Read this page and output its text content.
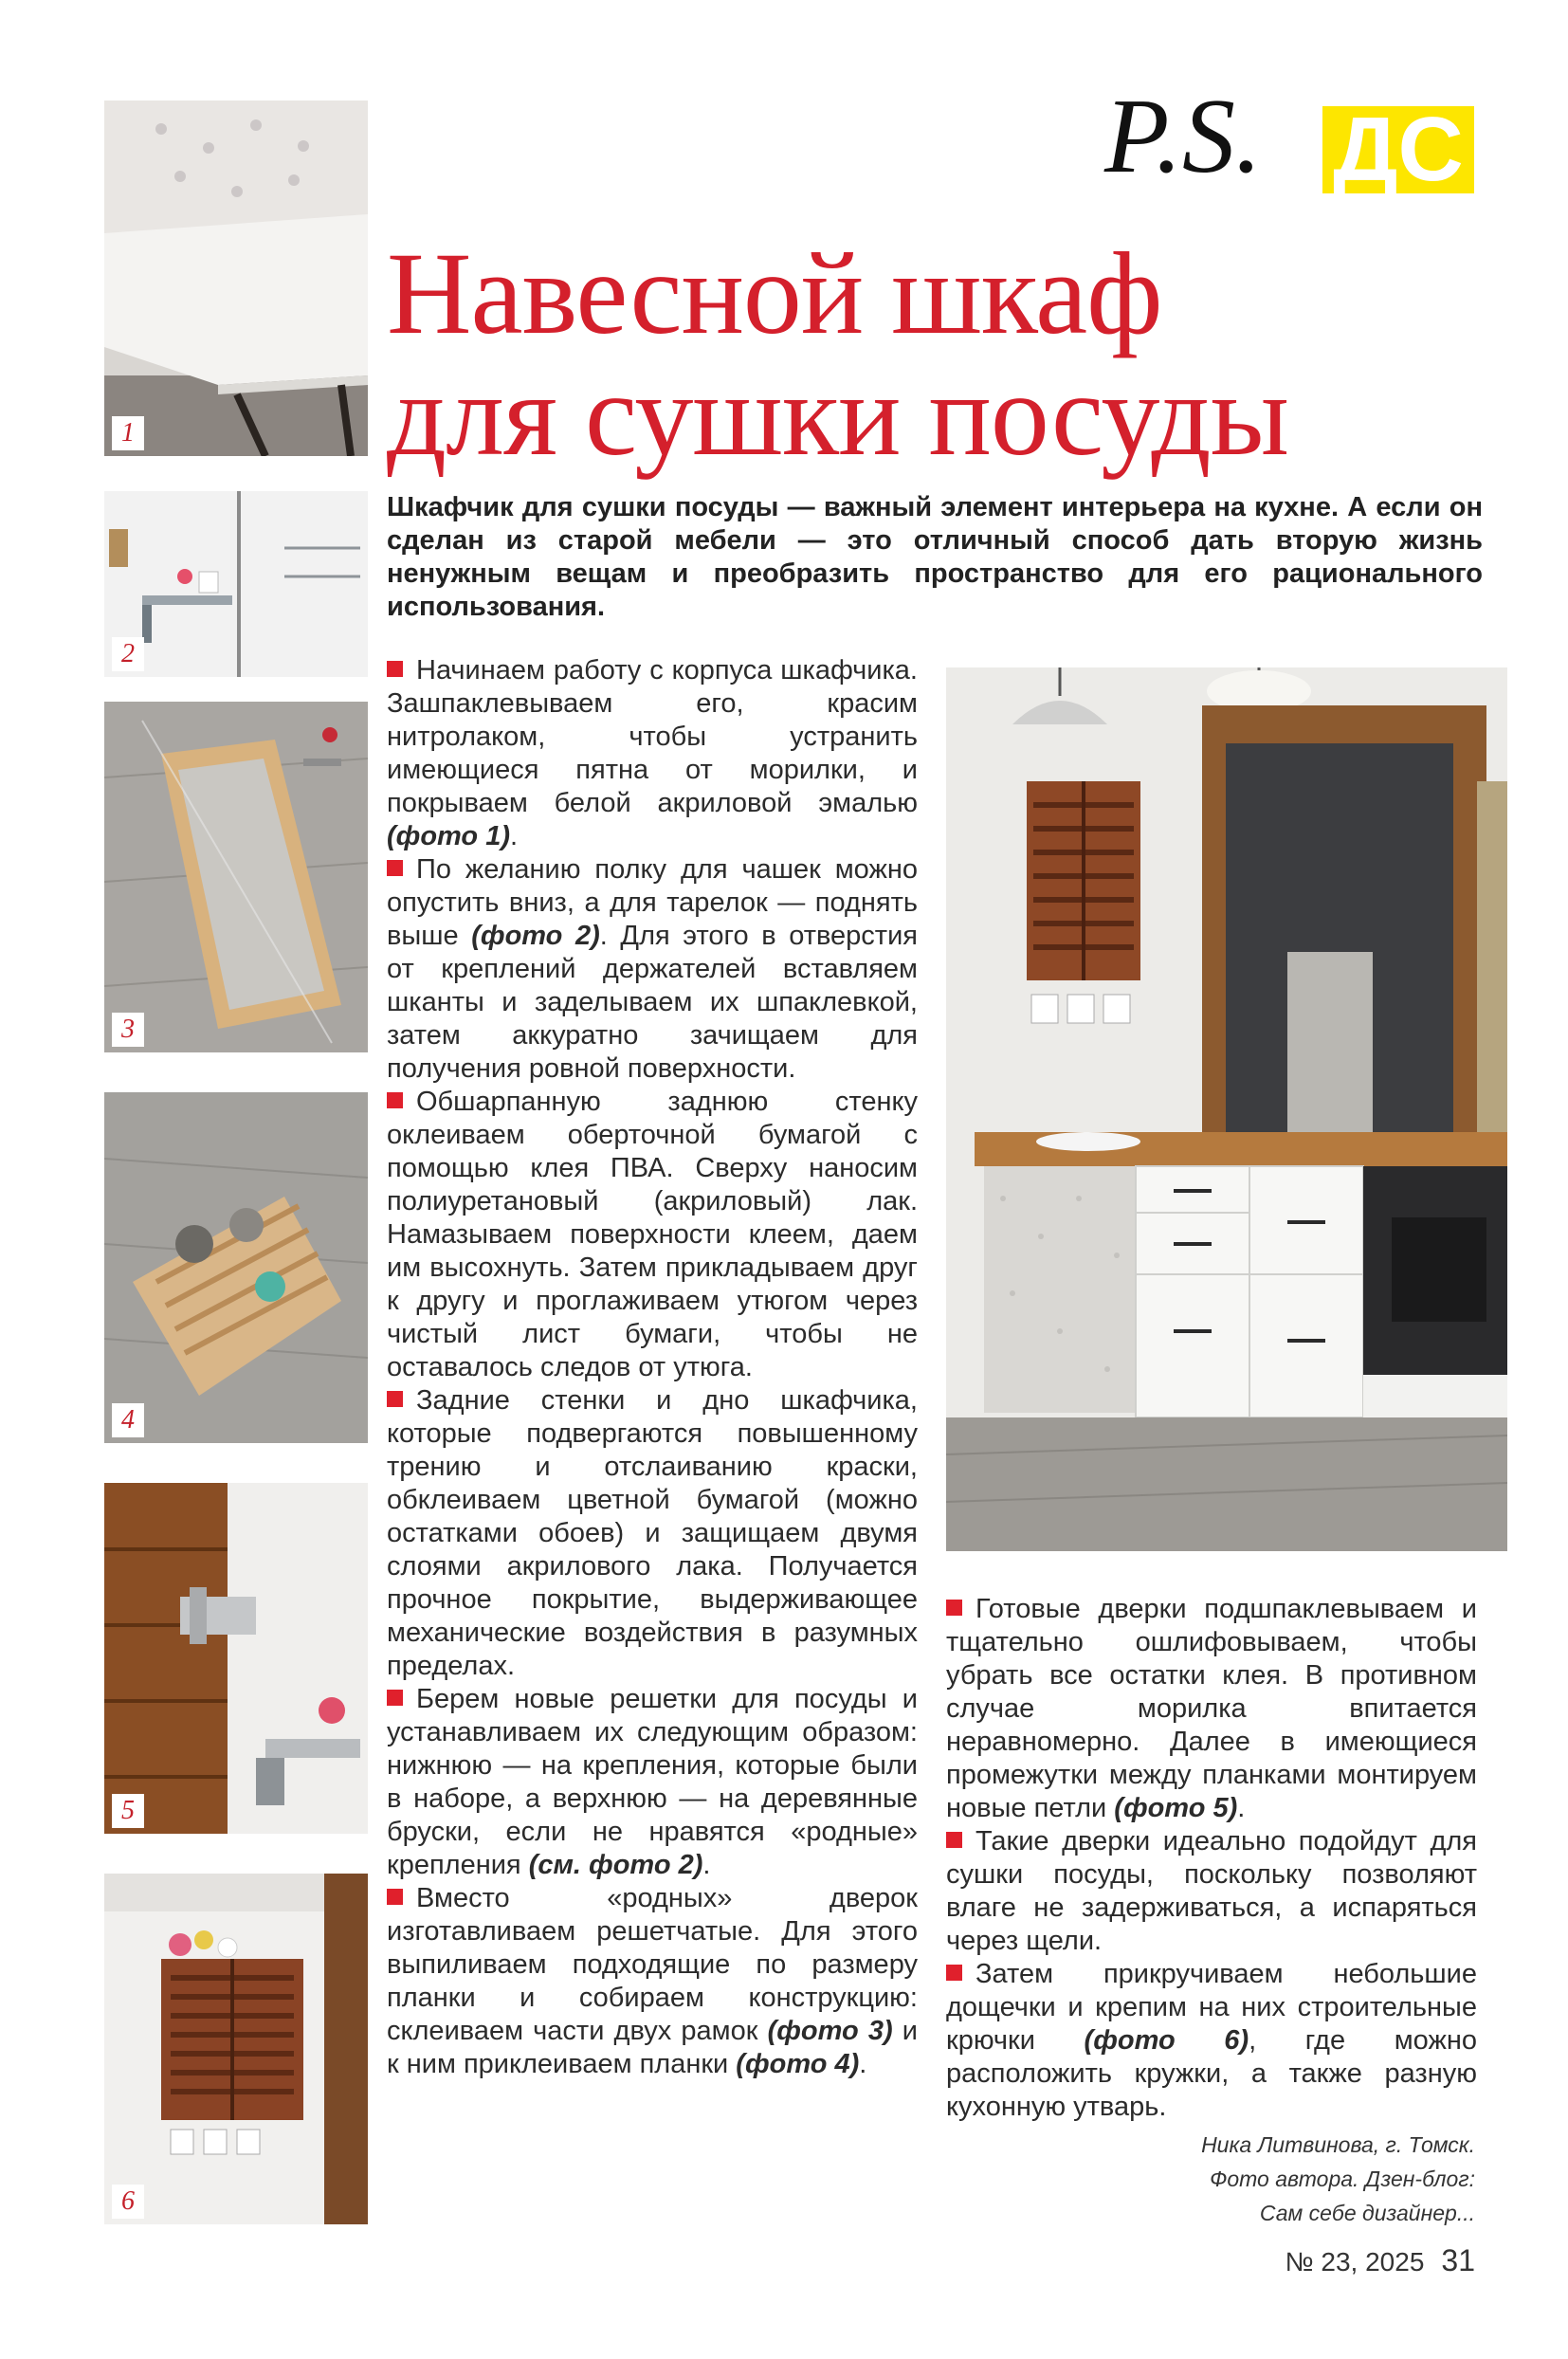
P.S. ДС
Навесной шкаф
для сушки посуды
Шкафчик для сушки посуды — важный элемент интерьера на кухне. А если он сделан из старой мебели — это отличный способ дать вторую жизнь ненужным вещам и преобразить пространство для его рационального использования.
1
2
3
4
5
6

Начинаем работу с корпуса шкафчика. Зашпаклевываем его, красим нитролаком, чтобы устранить имеющиеся пятна от морилки, и покрываем белой акриловой эмалью (фото 1).

По желанию полку для чашек можно опустить вниз, а для тарелок — поднять выше (фото 2). Для этого в отверстия от креплений держателей вставляем шканты и заделываем их шпаклевкой, затем аккуратно зачищаем для получения ровной поверхности.

Обшарпанную заднюю стенку оклеиваем оберточной бумагой с помощью клея ПВА. Сверху наносим полиуретановый (акриловый) лак. Намазываем поверхности клеем, даем им высохнуть. Затем прикладываем друг к другу и проглаживаем утюгом через чистый лист бумаги, чтобы не оставалось следов от утюга.

Задние стенки и дно шкафчика, которые подвергаются повышенному трению и отслаиванию краски, обклеиваем цветной бумагой (можно остатками обоев) и защищаем двумя слоями акрилового лака. Получается прочное покрытие, выдерживающее механические воздействия в разумных пределах.

Берем новые решетки для посуды и устанавливаем их следующим образом: нижнюю — на крепления, которые были в наборе, а верхнюю — на деревянные бруски, если не нравятся «родные» крепления (см. фото 2).

Вместо «родных» дверок изготавливаем решетчатые. Для этого выпиливаем подходящие по размеру планки и собираем конструкцию: склеиваем части двух рамок (фото 3) и к ним приклеиваем планки (фото 4).

Готовые дверки подшпаклевываем и тщательно ошлифовываем, чтобы убрать все остатки клея. В противном случае морилка впитается неравномерно. Далее в имеющиеся промежутки между планками монтируем новые петли (фото 5).

Такие дверки идеально подойдут для сушки посуды, поскольку позволяют влаге не задерживаться, а испаряться через щели.

Затем прикручиваем небольшие дощечки и крепим на них строительные крючки (фото 6), где можно расположить кружки, а также разную кухонную утварь.

Ника Литвинова, г. Томск.
Фото автора. Дзен-блог:
Сам себе дизайнер...
№ 23, 2025 31
